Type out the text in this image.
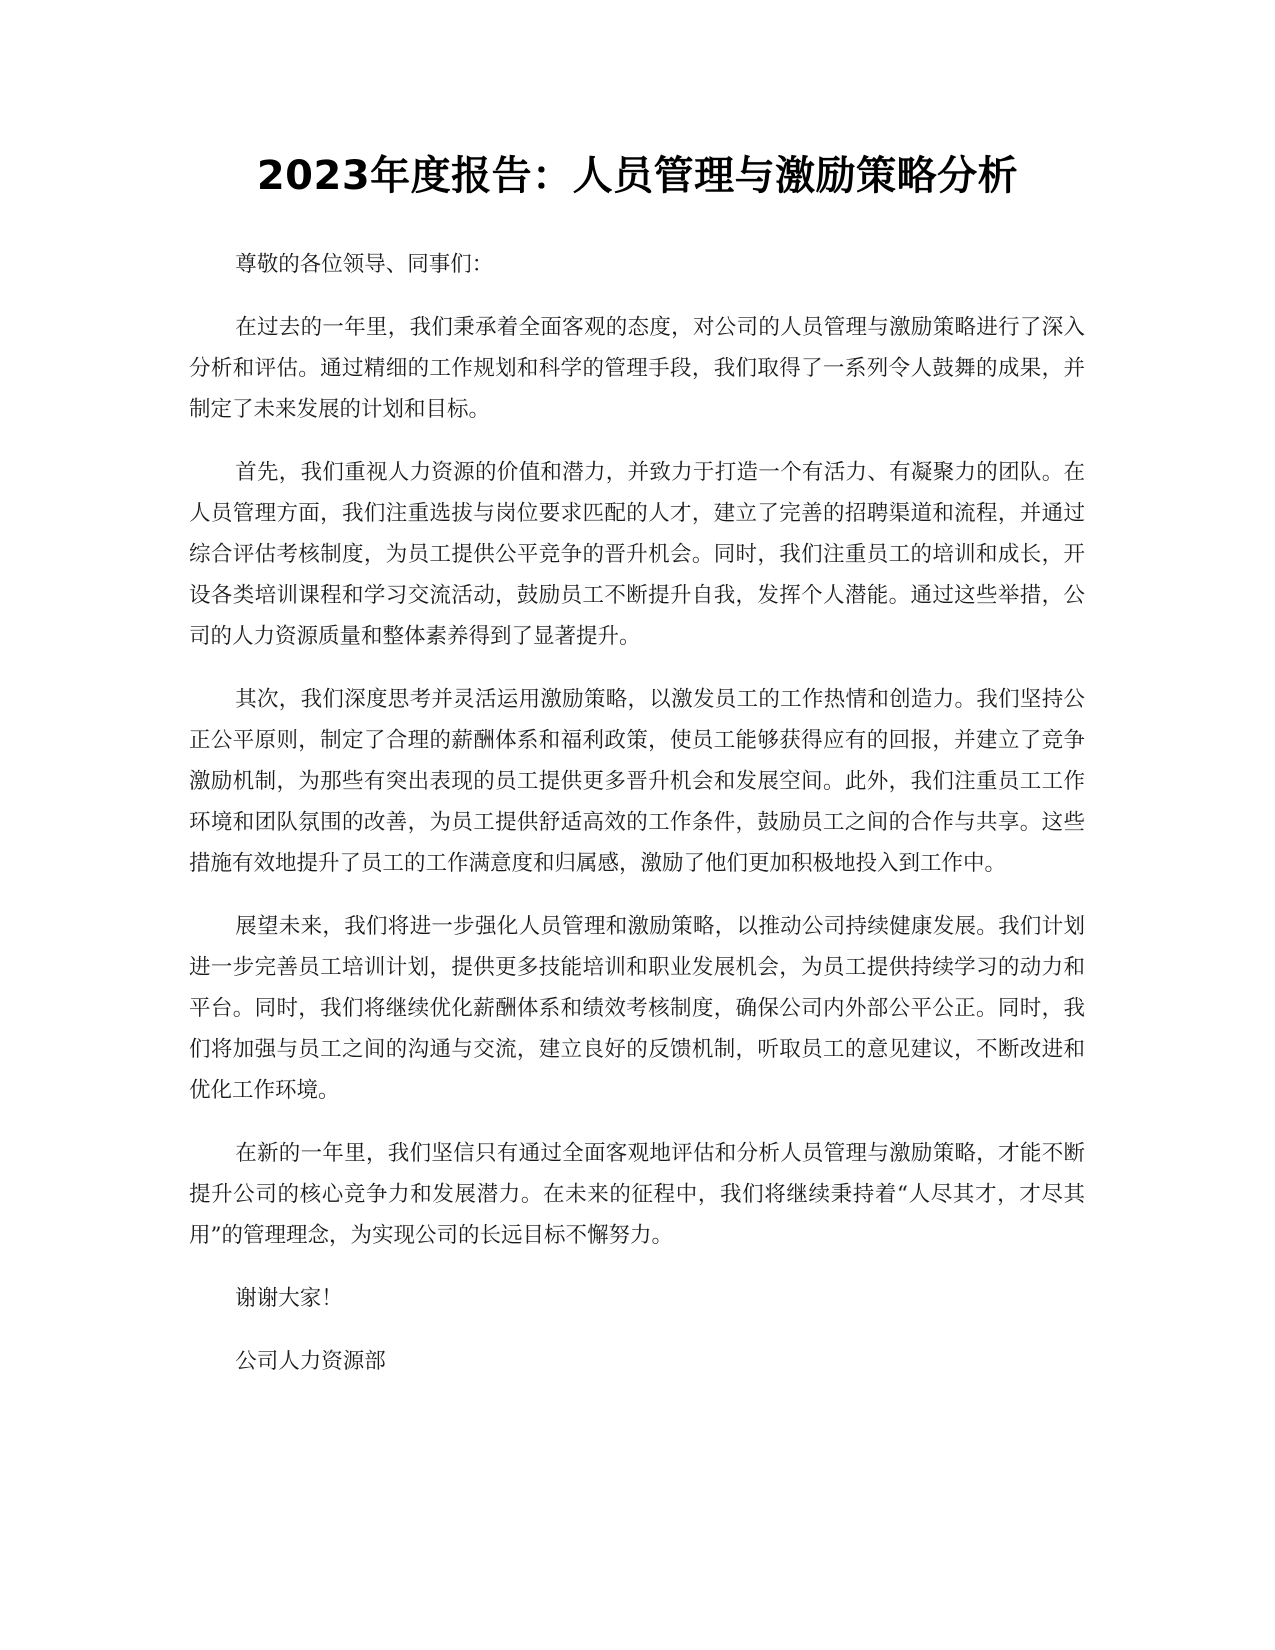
2023年度报告：人员管理与激励策略分析

尊敬的各位领导、同事们：

在过去的一年里，我们秉承着全面客观的态度，对公司的人员管理与激励策略进行了深入分析和评估。通过精细的工作规划和科学的管理手段，我们取得了一系列令人鼓舞的成果，并制定了未来发展的计划和目标。

首先，我们重视人力资源的价值和潜力，并致力于打造一个有活力、有凝聚力的团队。在人员管理方面，我们注重选拔与岗位要求匹配的人才，建立了完善的招聘渠道和流程，并通过综合评估考核制度，为员工提供公平竞争的晋升机会。同时，我们注重员工的培训和成长，开设各类培训课程和学习交流活动，鼓励员工不断提升自我，发挥个人潜能。通过这些举措，公司的人力资源质量和整体素养得到了显著提升。

其次，我们深度思考并灵活运用激励策略，以激发员工的工作热情和创造力。我们坚持公正公平原则，制定了合理的薪酬体系和福利政策，使员工能够获得应有的回报，并建立了竞争激励机制，为那些有突出表现的员工提供更多晋升机会和发展空间。此外，我们注重员工工作环境和团队氛围的改善，为员工提供舒适高效的工作条件，鼓励员工之间的合作与共享。这些措施有效地提升了员工的工作满意度和归属感，激励了他们更加积极地投入到工作中。

展望未来，我们将进一步强化人员管理和激励策略，以推动公司持续健康发展。我们计划进一步完善员工培训计划，提供更多技能培训和职业发展机会，为员工提供持续学习的动力和平台。同时，我们将继续优化薪酬体系和绩效考核制度，确保公司内外部公平公正。同时，我们将加强与员工之间的沟通与交流，建立良好的反馈机制，听取员工的意见建议，不断改进和优化工作环境。

在新的一年里，我们坚信只有通过全面客观地评估和分析人员管理与激励策略，才能不断提升公司的核心竞争力和发展潜力。在未来的征程中，我们将继续秉持着“人尽其才，才尽其用”的管理理念，为实现公司的长远目标不懈努力。

谢谢大家！

公司人力资源部
